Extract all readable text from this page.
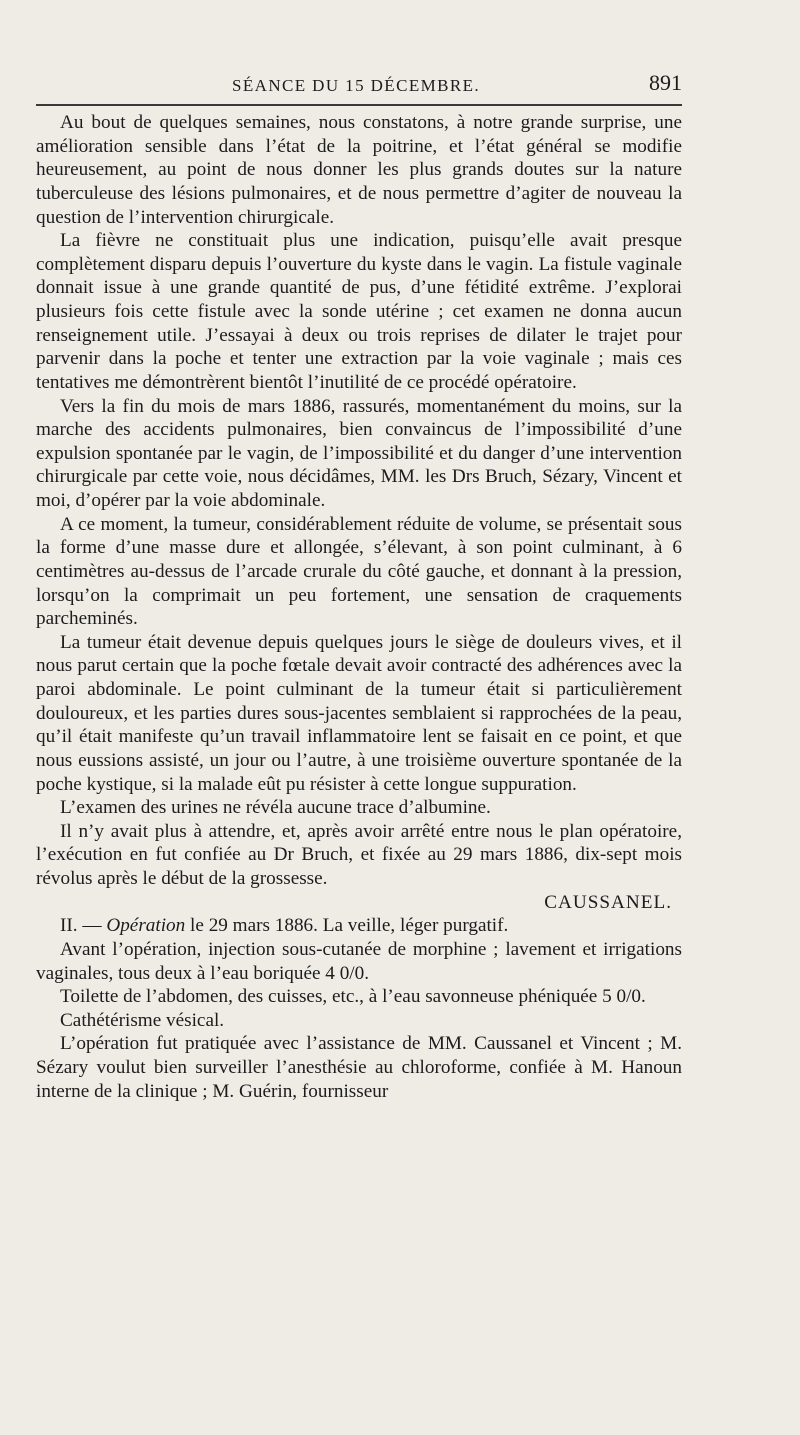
SÉANCE DU 15 DÉCEMBRE.	891

Au bout de quelques semaines, nous constatons, à notre grande surprise, une amélioration sensible dans l’état de la poitrine, et l’état général se modifie heureusement, au point de nous donner les plus grands doutes sur la nature tuberculeuse des lésions pulmonaires, et de nous permettre d’agiter de nouveau la question de l’intervention chirurgicale.

La fièvre ne constituait plus une indication, puisqu’elle avait presque complètement disparu depuis l’ouverture du kyste dans le vagin. La fistule vaginale donnait issue à une grande quantité de pus, d’une fétidité extrême. J’explorai plusieurs fois cette fistule avec la sonde utérine ; cet examen ne donna aucun renseignement utile. J’essayai à deux ou trois reprises de dilater le trajet pour parvenir dans la poche et tenter une extraction par la voie vaginale ; mais ces tentatives me démontrèrent bientôt l’inutilité de ce procédé opératoire.

Vers la fin du mois de mars 1886, rassurés, momentanément du moins, sur la marche des accidents pulmonaires, bien convaincus de l’impossibilité d’une expulsion spontanée par le vagin, de l’impossibilité et du danger d’une intervention chirurgicale par cette voie, nous décidâmes, MM. les Drs Bruch, Sézary, Vincent et moi, d’opérer par la voie abdominale.

A ce moment, la tumeur, considérablement réduite de volume, se présentait sous la forme d’une masse dure et allongée, s’élevant, à son point culminant, à 6 centimètres au-dessus de l’arcade crurale du côté gauche, et donnant à la pression, lorsqu’on la comprimait un peu fortement, une sensation de craquements parcheminés.

La tumeur était devenue depuis quelques jours le siège de douleurs vives, et il nous parut certain que la poche fœtale devait avoir contracté des adhérences avec la paroi abdominale. Le point culminant de la tumeur était si particulièrement douloureux, et les parties dures sous-jacentes semblaient si rapprochées de la peau, qu’il était manifeste qu’un travail inflammatoire lent se faisait en ce point, et que nous eussions assisté, un jour ou l’autre, à une troisième ouverture spontanée de la poche kystique, si la malade eût pu résister à cette longue suppuration.

L’examen des urines ne révéla aucune trace d’albumine.

Il n’y avait plus à attendre, et, après avoir arrêté entre nous le plan opératoire, l’exécution en fut confiée au Dr Bruch, et fixée au 29 mars 1886, dix-sept mois révolus après le début de la grossesse.

CAUSSANEL.

II. — Opération le 29 mars 1886. La veille, léger purgatif.

Avant l’opération, injection sous-cutanée de morphine ; lavement et irrigations vaginales, tous deux à l’eau boriquée 4 0/0.

Toilette de l’abdomen, des cuisses, etc., à l’eau savonneuse phéniquée 5 0/0.

Cathétérisme vésical.

L’opération fut pratiquée avec l’assistance de MM. Caussanel et Vincent ; M. Sézary voulut bien surveiller l’anesthésie au chloroforme, confiée à M. Hanoun interne de la clinique ; M. Guérin, fournisseur
